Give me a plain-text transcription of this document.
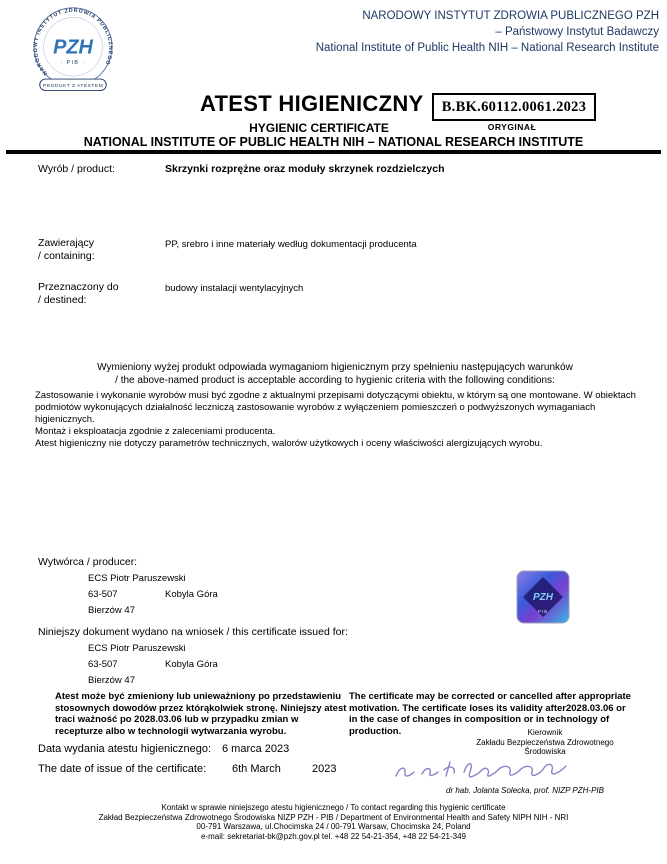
NARODOWY INSTYTUT ZDROWIA PUBLICZNEGO
PZH
· PIB ·
PRODUKT Z ATESTEM
NARODOWY INSTYTUT ZDROWIA PUBLICZNEGO PZH
– Państwowy Instytut Badawczy
National Institute of Public Health NIH – National Research Institute
ATEST HIGIENICZNY B.BK.60112.0061.2023
ORYGINAŁ
HYGIENIC CERTIFICATE
NATIONAL INSTITUTE OF PUBLIC HEALTH NIH – NATIONAL RESEARCH INSTITUTE
Wyrób / product:	Skrzynki rozprężne oraz moduły skrzynek rozdzielczych
Zawierający
/ containing:
PP, srebro i inne materiały według dokumentacji producenta
Przeznaczony do
/ destined:
budowy instalacji wentylacyjnych
Wymieniony wyżej produkt odpowiada wymaganiom higienicznym przy spełnieniu następujących warunków
/ the above-named product is acceptable according to hygienic criteria with the following conditions:
Zastosowanie i wykonanie wyrobów musi być zgodne z aktualnymi przepisami dotyczącymi obiektu, w którym są one montowane. W obiektach podmiotów wykonujących działalność leczniczą zastosowanie wyrobów z wyłączeniem pomieszczeń o podwyższonych wymaganiach higienicznych.
Montaż i eksploatacja zgodnie z zaleceniami producenta.
Atest higieniczny nie dotyczy parametrów technicznych, walorów użytkowych i oceny właściwości alergizujących wyrobu.
Wytwórca / producer:
ECS Piotr Paruszewski
63-507	Kobyla Góra
Bierzów 47
PZH
PIB
Niniejszy dokument wydano na wniosek / this certificate issued for:
ECS Piotr Paruszewski
63-507	Kobyla Góra
Bierzów 47
Atest może być zmieniony lub unieważniony po przedstawieniu stosownych dowodów przez którąkolwiek stronę. Niniejszy atest traci ważność po 2028.03.06 lub w przypadku zmian w recepturze albo w technologii wytwarzania wyrobu.
The certificate may be corrected or cancelled after appropriate motivation. The certificate loses its validity after2028.03.06 or in the case of changes in composition or in technology of production.
Data wydania atestu higienicznego: 6 marca 2023
The date of issue of the certificate: 6th March	2023
Kierownik
Zakładu Bezpieczeństwa Zdrowotnego
Środowiska
dr hab. Jolanta Solecka, prof. NIZP PZH-PIB
Kontakt w sprawie niniejszego atestu higienicznego / To contact regarding this hygienic certificate
Zakład Bezpieczeństwa Zdrowotnego Środowiska NIZP PZH - PIB / Department of Environmental Health and Safety NIPH NIH - NRI
00-791 Warszawa, ul.Chocimska 24 / 00-791 Warsaw, Chocimska 24, Poland
e-mail: sekretariat-bk@pzh.gov.pl tel. +48 22 54-21-354, +48 22 54-21-349
